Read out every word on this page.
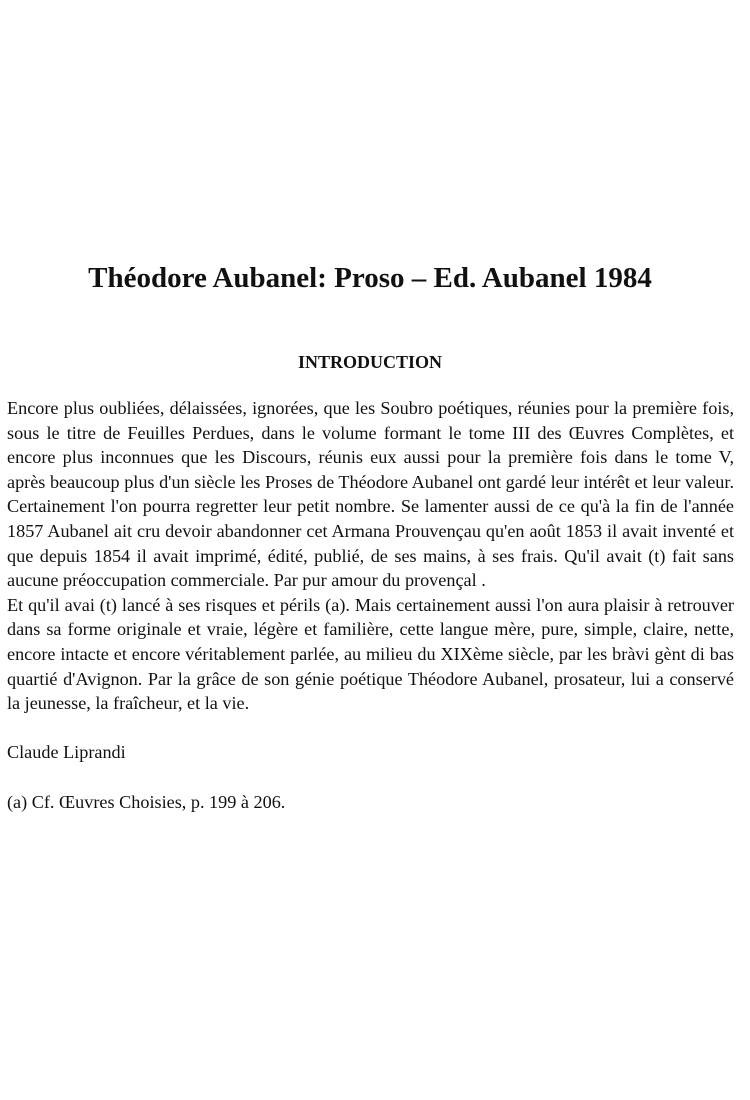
Théodore Aubanel: Proso – Ed. Aubanel 1984
INTRODUCTION

Encore plus oubliées, délaissées, ignorées, que les Soubro poétiques, réunies pour la première fois, sous le titre de Feuilles Perdues, dans le volume formant le tome III des Œuvres Complètes, et encore plus inconnues que les Discours, réunis eux aussi pour la première fois dans le tome V, après beaucoup plus d'un siècle les Proses de Théodore Aubanel ont gardé leur intérêt et leur valeur. Certainement l'on pourra regretter leur petit nombre. Se lamenter aussi de ce qu'à la fin de l'année 1857 Aubanel ait cru devoir abandonner cet Armana Prouvençau qu'en août 1853 il avait inventé et que depuis 1854 il avait imprimé, édité, publié, de ses mains, à ses frais. Qu'il avait (t) fait sans aucune préoccupation commerciale. Par pur amour du provençal .

Et qu'il avai (t) lancé à ses risques et périls (a). Mais certainement aussi l'on aura plaisir à retrouver dans sa forme originale et vraie, légère et familière, cette langue mère, pure, simple, claire, nette, encore intacte et encore véritablement parlée, au milieu du XIXème siècle, par les bràvi gènt di bas quartié d'Avignon. Par la grâce de son génie poétique Théodore Aubanel, prosateur, lui a conservé la jeunesse, la fraîcheur, et la vie.

Claude Liprandi

(a) Cf. Œuvres Choisies, p. 199 à 206.
